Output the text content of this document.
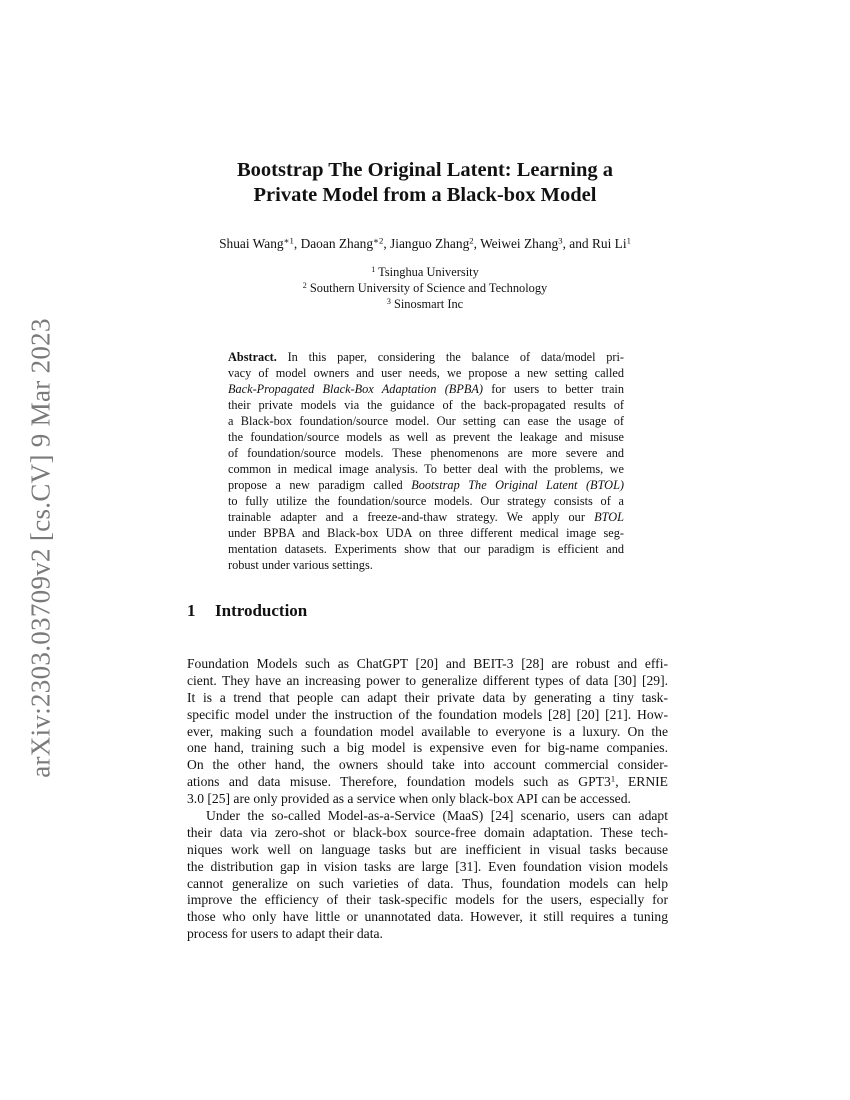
arXiv:2303.03709v2 [cs.CV] 9 Mar 2023
Bootstrap The Original Latent: Learning a
Private Model from a Black-box Model
Shuai Wang$^{∗1}$, Daoan Zhang$^{∗2}$, Jianguo Zhang$^2$, Weiwei Zhang$^3$, and Rui Li$^1$
$^1$ Tsinghua University
$^2$ Southern University of Science and Technology
$^3$ Sinosmart Inc
Abstract. In this paper, considering the balance of data/model pri-
vacy of model owners and user needs, we propose a new setting called
Back-Propagated Black-Box Adaptation (BPBA) for users to better train
their private models via the guidance of the back-propagated results of
a Black-box foundation/source model. Our setting can ease the usage of
the foundation/source models as well as prevent the leakage and misuse
of foundation/source models. These phenomenons are more severe and
common in medical image analysis. To better deal with the problems, we
propose a new paradigm called Bootstrap The Original Latent (BTOL)
to fully utilize the foundation/source models. Our strategy consists of a
trainable adapter and a freeze-and-thaw strategy. We apply our BTOL
under BPBA and Black-box UDA on three different medical image seg-
mentation datasets. Experiments show that our paradigm is efficient and
robust under various settings.
1 Introduction
Foundation Models such as ChatGPT [20] and BEIT-3 [28] are robust and effi-
cient. They have an increasing power to generalize different types of data [30] [29].
It is a trend that people can adapt their private data by generating a tiny task-
specific model under the instruction of the foundation models [28] [20] [21]. How-
ever, making such a foundation model available to everyone is a luxury. On the
one hand, training such a big model is expensive even for big-name companies.
On the other hand, the owners should take into account commercial consider-
ations and data misuse. Therefore, foundation models such as $GPT3^1$, ERNIE
3.0 [25] are only provided as a service when only black-box API can be accessed.
Under the so-called Model-as-a-Service (MaaS) [24] scenario, users can adapt
their data via zero-shot or black-box source-free domain adaptation. These tech-
niques work well on language tasks but are inefficient in visual tasks because
the distribution gap in vision tasks are large [31]. Even foundation vision models
cannot generalize on such varieties of data. Thus, foundation models can help
improve the efficiency of their task-specific models for the users, especially for
those who only have little or unannotated data. However, it still requires a tuning
process for users to adapt their data.
